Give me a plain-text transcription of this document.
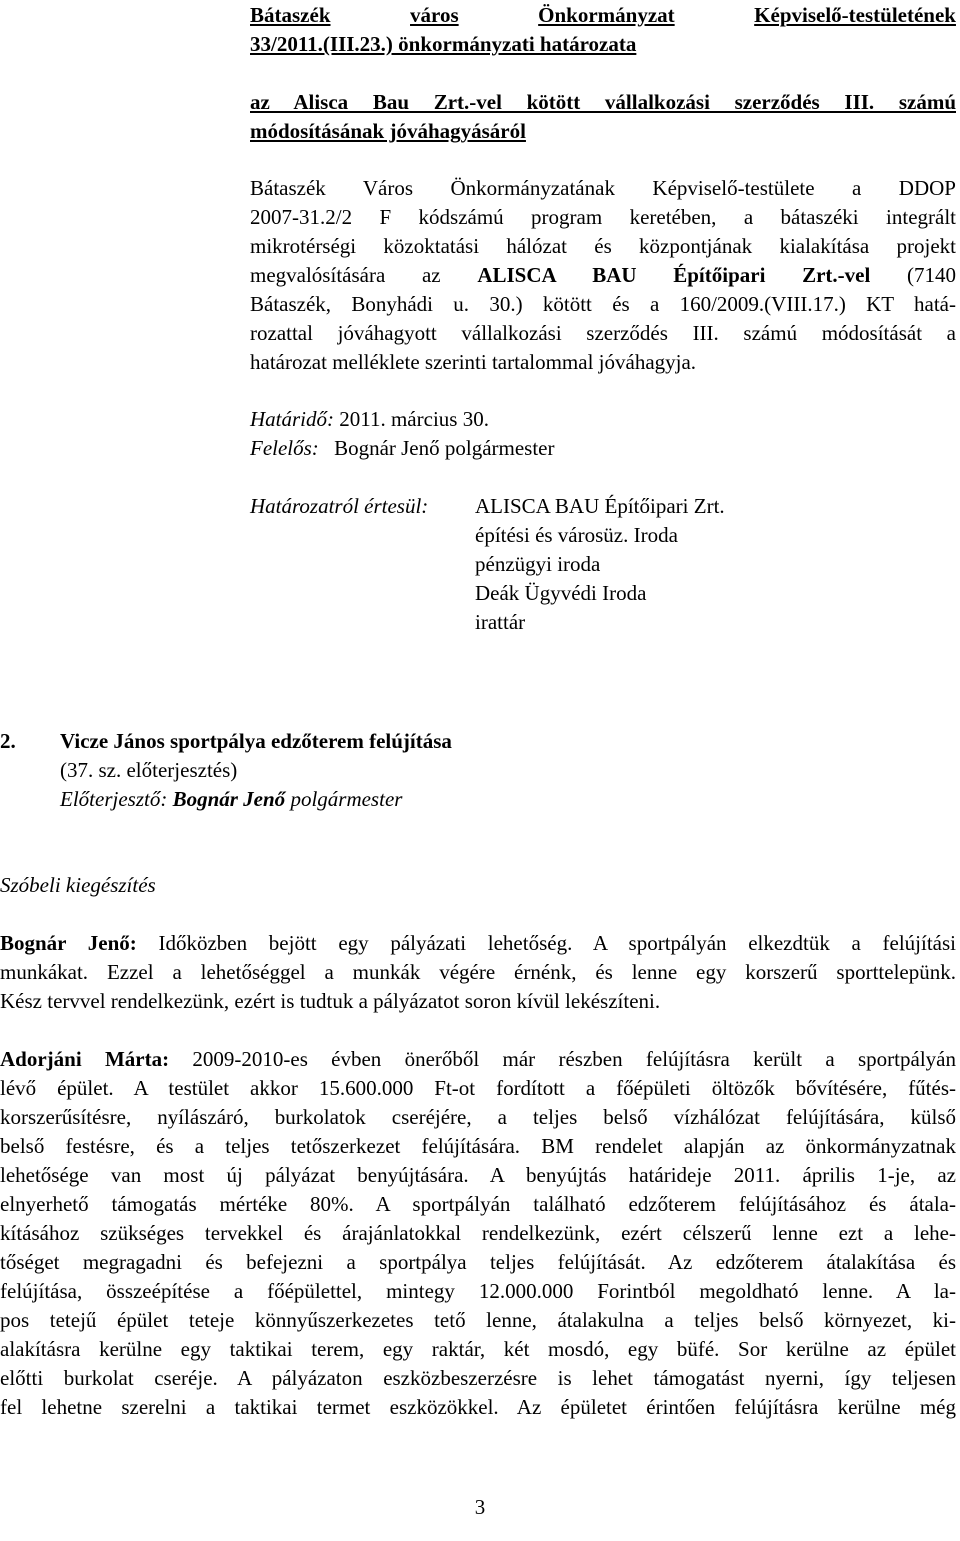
Bátaszék	város	Önkormányzat	Képviselő-testületének
33/2011.(III.23.) önkormányzati határozata
az Alisca Bau Zrt.-vel kötött vállalkozási szerződés III. számú
módosításának jóváhagyásáról
Bátaszék Város Önkormányzatának Képviselő-testülete a DDOP
2007-31.2/2 F kódszámú program keretében, a bátaszéki integrált
mikrotérségi közoktatási hálózat és központjának kialakítása projekt
megvalósítására az ALISCA BAU Építőipari Zrt.-vel (7140
Bátaszék, Bonyhádi u. 30.) kötött és a 160/2009.(VIII.17.) KT hatá-
rozattal jóváhagyott vállalkozási szerződés III. számú módosítását a
határozat melléklete szerinti tartalommal jóváhagyja.
Határidő: 2011. március 30.
Felelős: Bognár Jenő polgármester
Határozatról értesül: ALISCA BAU Építőipari Zrt.
építési és városüz. Iroda
pénzügyi iroda
Deák Ügyvédi Iroda
irattár
2. Vicze János sportpálya edzőterem felújítása
(37. sz. előterjesztés)
Előterjesztő: Bognár Jenő polgármester
Szóbeli kiegészítés
Bognár Jenő: Időközben bejött egy pályázati lehetőség. A sportpályán elkezdtük a felújítási
munkákat. Ezzel a lehetőséggel a munkák végére érnénk, és lenne egy korszerű sporttelepünk.
Kész tervvel rendelkezünk, ezért is tudtuk a pályázatot soron kívül lekészíteni.
Adorjáni Márta: 2009-2010-es évben önerőből már részben felújításra került a sportpályán
lévő épület. A testület akkor 15.600.000 Ft-ot fordított a főépületi öltözők bővítésére, fűtés-
korszerűsítésre, nyílászáró, burkolatok cseréjére, a teljes belső vízhálózat felújítására, külső
belső festésre, és a teljes tetőszerkezet felújítására. BM rendelet alapján az önkormányzatnak
lehetősége van most új pályázat benyújtására. A benyújtás határideje 2011. április 1-je, az
elnyerhető támogatás mértéke 80%. A sportpályán található edzőterem felújításához és átala-
kításához szükséges tervekkel és árajánlatokkal rendelkezünk, ezért célszerű lenne ezt a lehe-
tőséget megragadni és befejezni a sportpálya teljes felújítását. Az edzőterem átalakítása és
felújítása, összeépítése a főépülettel, mintegy 12.000.000 Forintból megoldható lenne. A la-
pos tetejű épület teteje könnyűszerkezetes tető lenne, átalakulna a teljes belső környezet, ki-
alakításra kerülne egy taktikai terem, egy raktár, két mosdó, egy büfé. Sor kerülne az épület
előtti burkolat cseréje. A pályázaton eszközbeszerzésre is lehet támogatást nyerni, így teljesen
fel lehetne szerelni a taktikai termet eszközökkel. Az épületet érintően felújításra kerülne még
3
